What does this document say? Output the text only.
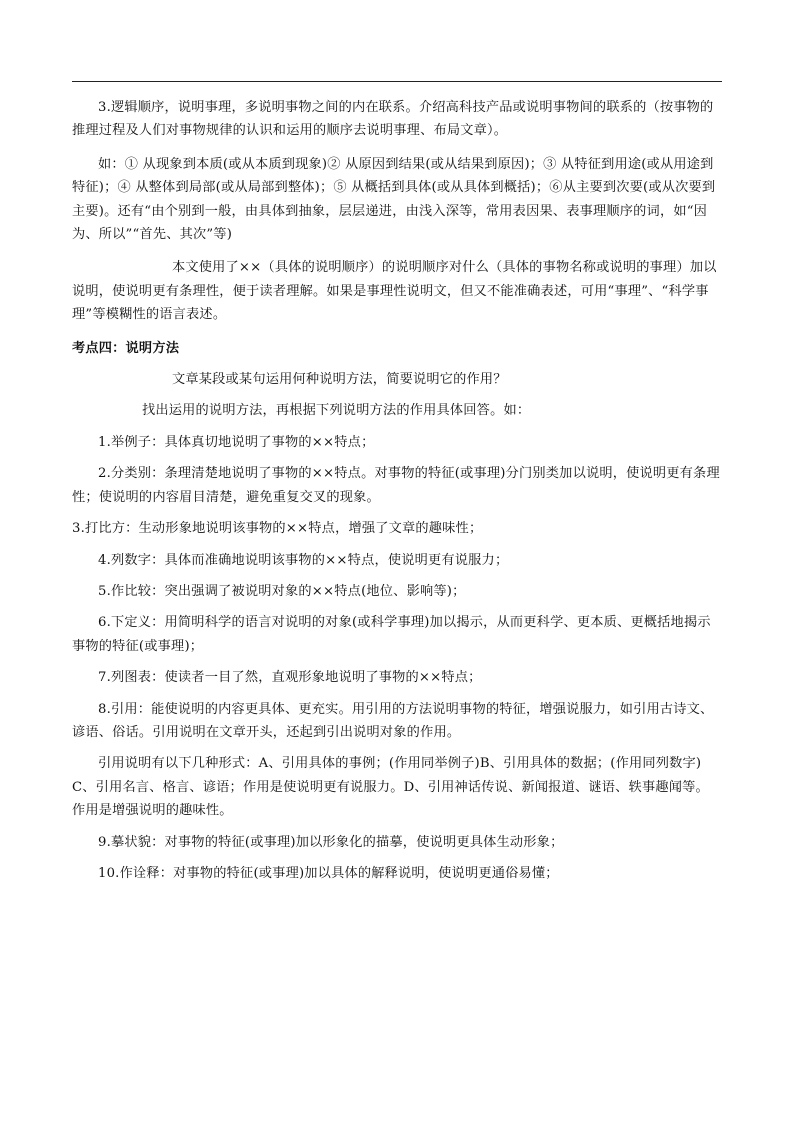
3.逻辑顺序，说明事理，多说明事物之间的内在联系。介绍高科技产品或说明事物间的联系的（按事物的推理过程及人们对事物规律的认识和运用的顺序去说明事理、布局文章）。

如：① 从现象到本质(或从本质到现象)② 从原因到结果(或从结果到原因)；③ 从特征到用途(或从用途到特征)；④ 从整体到局部(或从局部到整体)；⑤ 从概括到具体(或从具体到概括)；⑥从主要到次要(或从次要到主要)。还有“由个别到一般，由具体到抽象，层层递进，由浅入深等，常用表因果、表事理顺序的词，如“因为、所以”“首先、其次”等)

本文使用了××（具体的说明顺序）的说明顺序对什么（具体的事物名称或说明的事理）加以说明，使说明更有条理性，便于读者理解。如果是事理性说明文，但又不能准确表述，可用“事理”、“科学事理”等模糊性的语言表述。

考点四：说明方法

文章某段或某句运用何种说明方法，简要说明它的作用？

找出运用的说明方法，再根据下列说明方法的作用具体回答。如：

1.举例子：具体真切地说明了事物的××特点；

2.分类别：条理清楚地说明了事物的××特点。对事物的特征(或事理)分门别类加以说明，使说明更有条理性；使说明的内容眉目清楚，避免重复交叉的现象。

3.打比方：生动形象地说明该事物的××特点，增强了文章的趣味性；

4.列数字：具体而准确地说明该事物的××特点，使说明更有说服力；

5.作比较：突出强调了被说明对象的××特点(地位、影响等)；

6.下定义：用简明科学的语言对说明的对象(或科学事理)加以揭示，从而更科学、更本质、更概括地揭示事物的特征(或事理)；

7.列图表：使读者一目了然，直观形象地说明了事物的××特点；

8.引用：能使说明的内容更具体、更充实。用引用的方法说明事物的特征，增强说服力，如引用古诗文、谚语、俗话。引用说明在文章开头，还起到引出说明对象的作用。

引用说明有以下几种形式：A、引用具体的事例；(作用同举例子)B、引用具体的数据；(作用同列数字)C、引用名言、格言、谚语；作用是使说明更有说服力。D、引用神话传说、新闻报道、谜语、轶事趣闻等。作用是增强说明的趣味性。

9.摹状貌：对事物的特征(或事理)加以形象化的描摹，使说明更具体生动形象；

10.作诠释：对事物的特征(或事理)加以具体的解释说明，使说明更通俗易懂；
